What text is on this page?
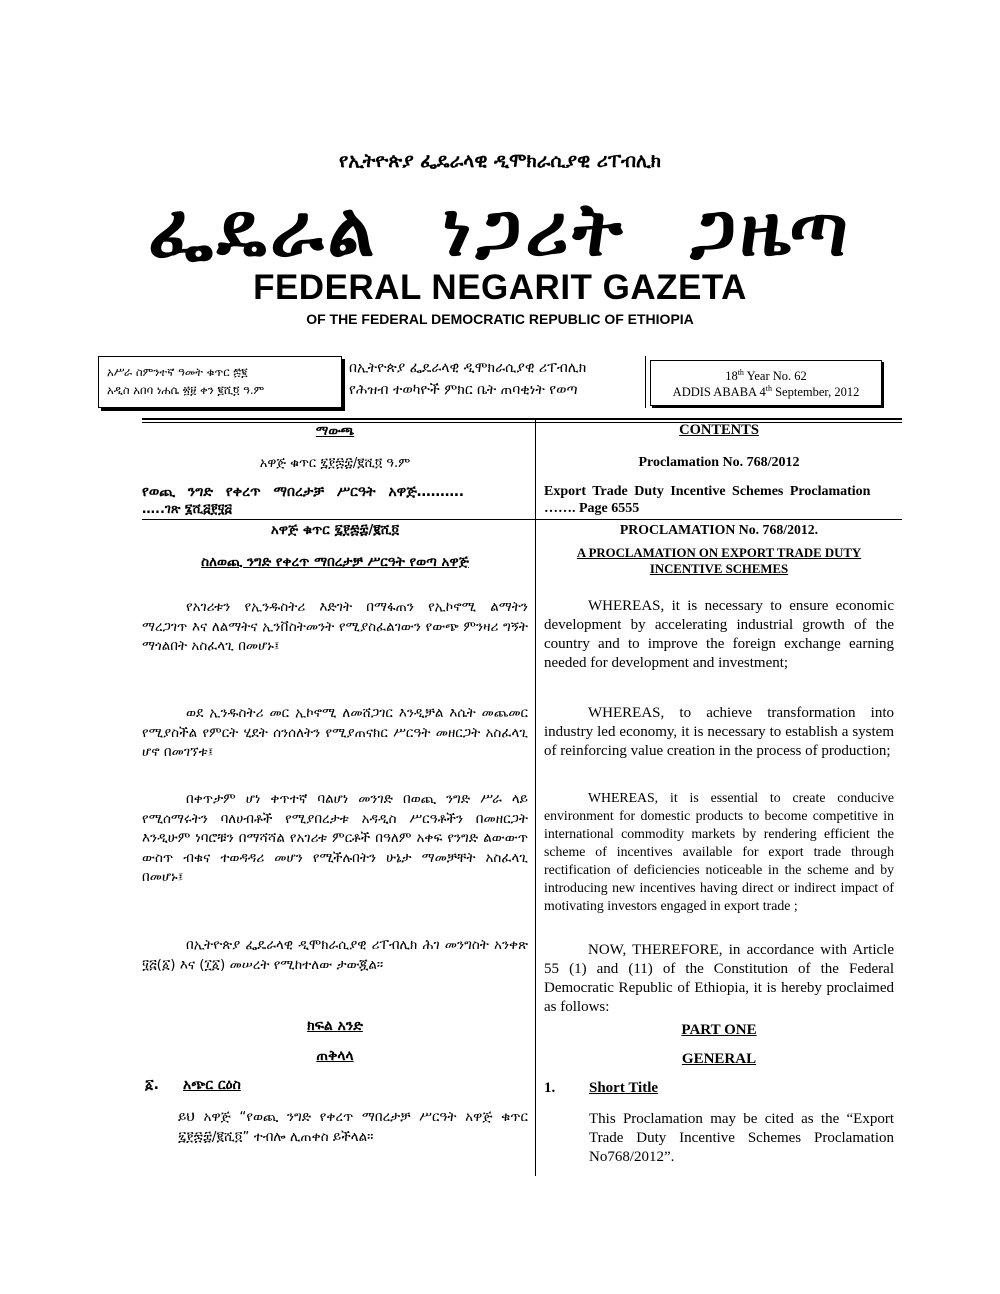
የኢትዮጵያ ፌዴራላዊ ዲሞክራሲያዊ ሪፐብሊክ
ፌዴራል ነጋሪት ጋዜጣ
FEDERAL NEGARIT GAZETA
OF THE FEDERAL DEMOCRATIC REPUBLIC OF ETHIOPIA
አሥራ ስምንተኛ ዓመት ቁጥር ፷፪
አዲስ አበባ ነሐሴ ፳፱ ቀን ፪ሺ፬ ዓ.ም
በኢትዮጵያ ፌዴራላዊ ዲሞክራሲያዊ ሪፐብሊክ
የሕዝብ ተወካዮች ምክር ቤት ጠባቂነት የወጣ
18th Year No. 62
ADDIS ABABA 4th September, 2012
ማውጫ
አዋጅ ቁጥር ፯፻፷፰/፪ሺ፬ ዓ.ም
የወጪ ንግድ የቀረጥ ማበረታቻ ሥርዓት አዋጅ……….
…..ገጽ ፮ሺ፭፻፶፭
CONTENTS
Proclamation No. 768/2012
Export Trade Duty Incentive Schemes Proclamation
……. Page 6555
አዋጅ ቁጥር ፯፻፷፰/፪ሺ፬
ስለወጪ ንግድ የቀረጥ ማበረታቻ ሥርዓት የወጣ አዋጅ
የአገሪቱን የኢንዱስትሪ እድገት በማፋጠን የኢኮኖሚ ልማትን ማረጋገጥ እና ለልማትና ኢንቨስትመንት የሚያስፈልገውን የውጭ ምንዛሪ ግኝት ማጎልበት አስፈላጊ በመሆኑ፤
ወደ ኢንዱስትሪ መር ኢኮኖሚ ለመሸጋገር እንዲቻል እሴት መጨመር የሚያስችል የምርት ሂደት ሰንሰለትን የሚያጠናክር ሥርዓት መዘርጋት አስፈላጊ ሆኖ በመገኘቱ፤
በቀጥታም ሆነ ቀጥተኛ ባልሆነ መንገድ በወጪ ንግድ ሥራ ላይ የሚሰማሩትን ባለሀብቶች የሚያበረታቱ አዳዲስ ሥርዓቶችን በመዘርጋት እንዲሁም ነባሮቹን በማሻሻል የአገሪቱ ምርቶች በዓለም አቀፍ የንግድ ልውውጥ ውስጥ ብቁና ተወዳዳሪ መሆን የሚችሉበትን ሁኔታ ማመቻቸት አስፈላጊ በመሆኑ፤
በኢትዮጵያ ፌዴራላዊ ዲሞክራሲያዊ ሪፐብሊክ ሕገ መንግስት አንቀጽ ፶፭(፩) እና (፲፩) መሠረት የሚከተለው ታውጇል።
ክፍል አንድ
ጠቅላላ
፩. አጭር ርዕስ
ይህ አዋጅ “የወጪ ንግድ የቀረጥ ማበረታቻ ሥርዓት አዋጅ ቁጥር ፯፻፷፰/፪ሺ፬” ተብሎ ሊጠቀስ ይችላል።
PROCLAMATION No. 768/2012.
A PROCLAMATION ON EXPORT TRADE DUTY INCENTIVE SCHEMES
WHEREAS, it is necessary to ensure economic development by accelerating industrial growth of the country and to improve the foreign exchange earning needed for development and investment;
WHEREAS, to achieve transformation into industry led economy, it is necessary to establish a system of reinforcing value creation in the process of production;
WHEREAS, it is essential to create conducive environment for domestic products to become competitive in international commodity markets by rendering efficient the scheme of incentives available for export trade through rectification of deficiencies noticeable in the scheme and by introducing new incentives having direct or indirect impact of motivating investors engaged in export trade ;
NOW, THEREFORE, in accordance with Article 55 (1) and (11) of the Constitution of the Federal Democratic Republic of Ethiopia, it is hereby proclaimed as follows:
PART ONE
GENERAL
1. Short Title
This Proclamation may be cited as the “Export Trade Duty Incentive Schemes Proclamation No768/2012”.
